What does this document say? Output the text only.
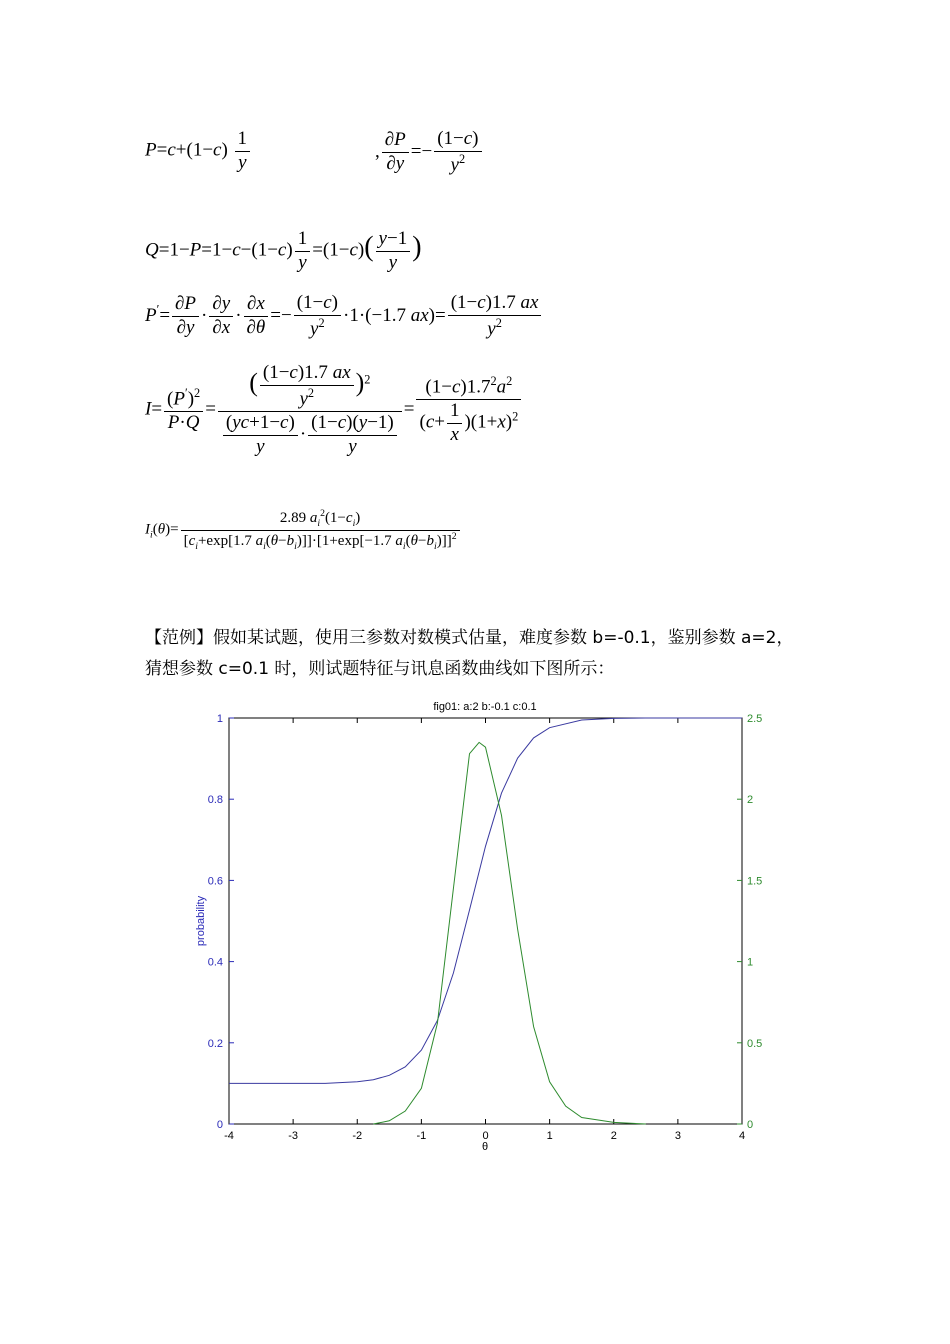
$P=c+(1-c) \frac{1}{y}$	, $\frac{\partial P}{\partial y} =- \frac{(1-c)}{y^2}$
$Q=1-P=1-c-(1-c) \frac{1}{y} =(1-c)( \frac{y-1}{y}$ )
$P'= \frac{\partial P}{\partial y} \cdot \frac{\partial y}{\partial x} \cdot \frac{\partial x}{\partial\theta} =- \frac{(1-c)}{y^2} \cdot 1\cdot(-1.7$ $ax)= \frac{(1-c)1.7 ax}{y^2}$
$I= \frac{(P')^2}{P\cdot Q} = \frac{( \frac{(1-c)1.7 ax}{y^2} )^2}{\frac{(yc+1-c)}{y} \cdot \frac{(1-c)(y-1)}{y}} = \frac{(1-c)1.7^2a^2}{(c+ \frac{1}{x} )(1+x)^2}$
$I_i(\theta)= \frac{2.89 a_i^2(1-c_i)}{[c_i+\exp[1.7 a_i(\theta-b_i)]]\cdot[1+\exp[-1.7 a_i(\theta-b_i)]]^2}$
【范例】假如某试题，使用三参数对数模式估量，难度参数 b=-0.1，鉴别参数 a=2，猜想参数 c=0.1 时，则试题特征与讯息函数曲线如下图所示：
fig01: a:2 b:-0.1 c:0.1
probability
θ
-4	-3	-2	-1	0	1	2	3	4
0
0.2
0.4
0.6
0.8
1
0
0.5
1
1.5
2
2.5
